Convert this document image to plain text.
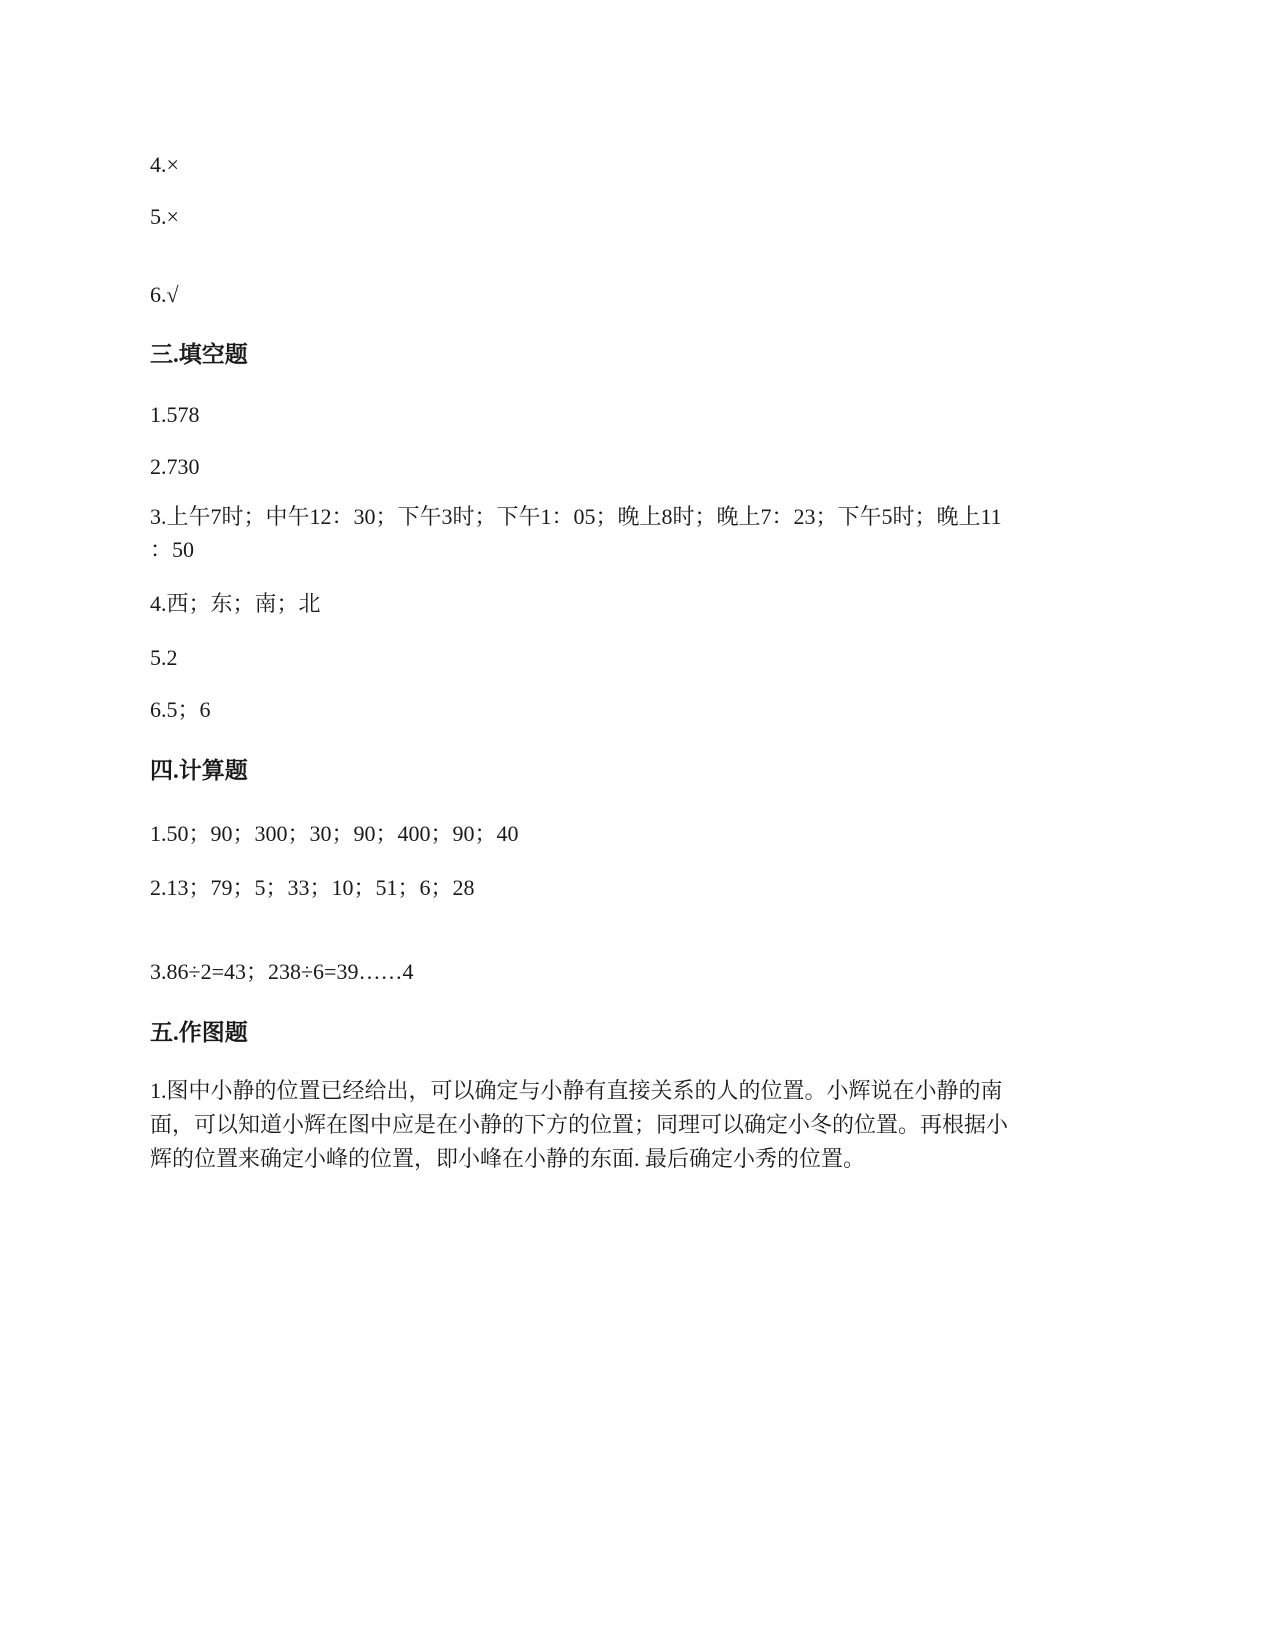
4.×
5.×
6.√
三.填空题
1.578
2.730
3.上午7时；中午12：30；下午3时；下午1：05；晚上8时；晚上7：23；下午5时；晚上11
：50
4.西；东；南；北
5.2
6.5；6
四.计算题
1.50；90；300；30；90；400；90；40
2.13；79；5；33；10；51；6；28
3.86÷2=43；238÷6=39……4
五.作图题
1.图中小静的位置已经给出，可以确定与小静有直接关系的人的位置。小辉说在小静的南
面，可以知道小辉在图中应是在小静的下方的位置；同理可以确定小冬的位置。再根据小
辉的位置来确定小峰的位置，即小峰在小静的东面. 最后确定小秀的位置。
